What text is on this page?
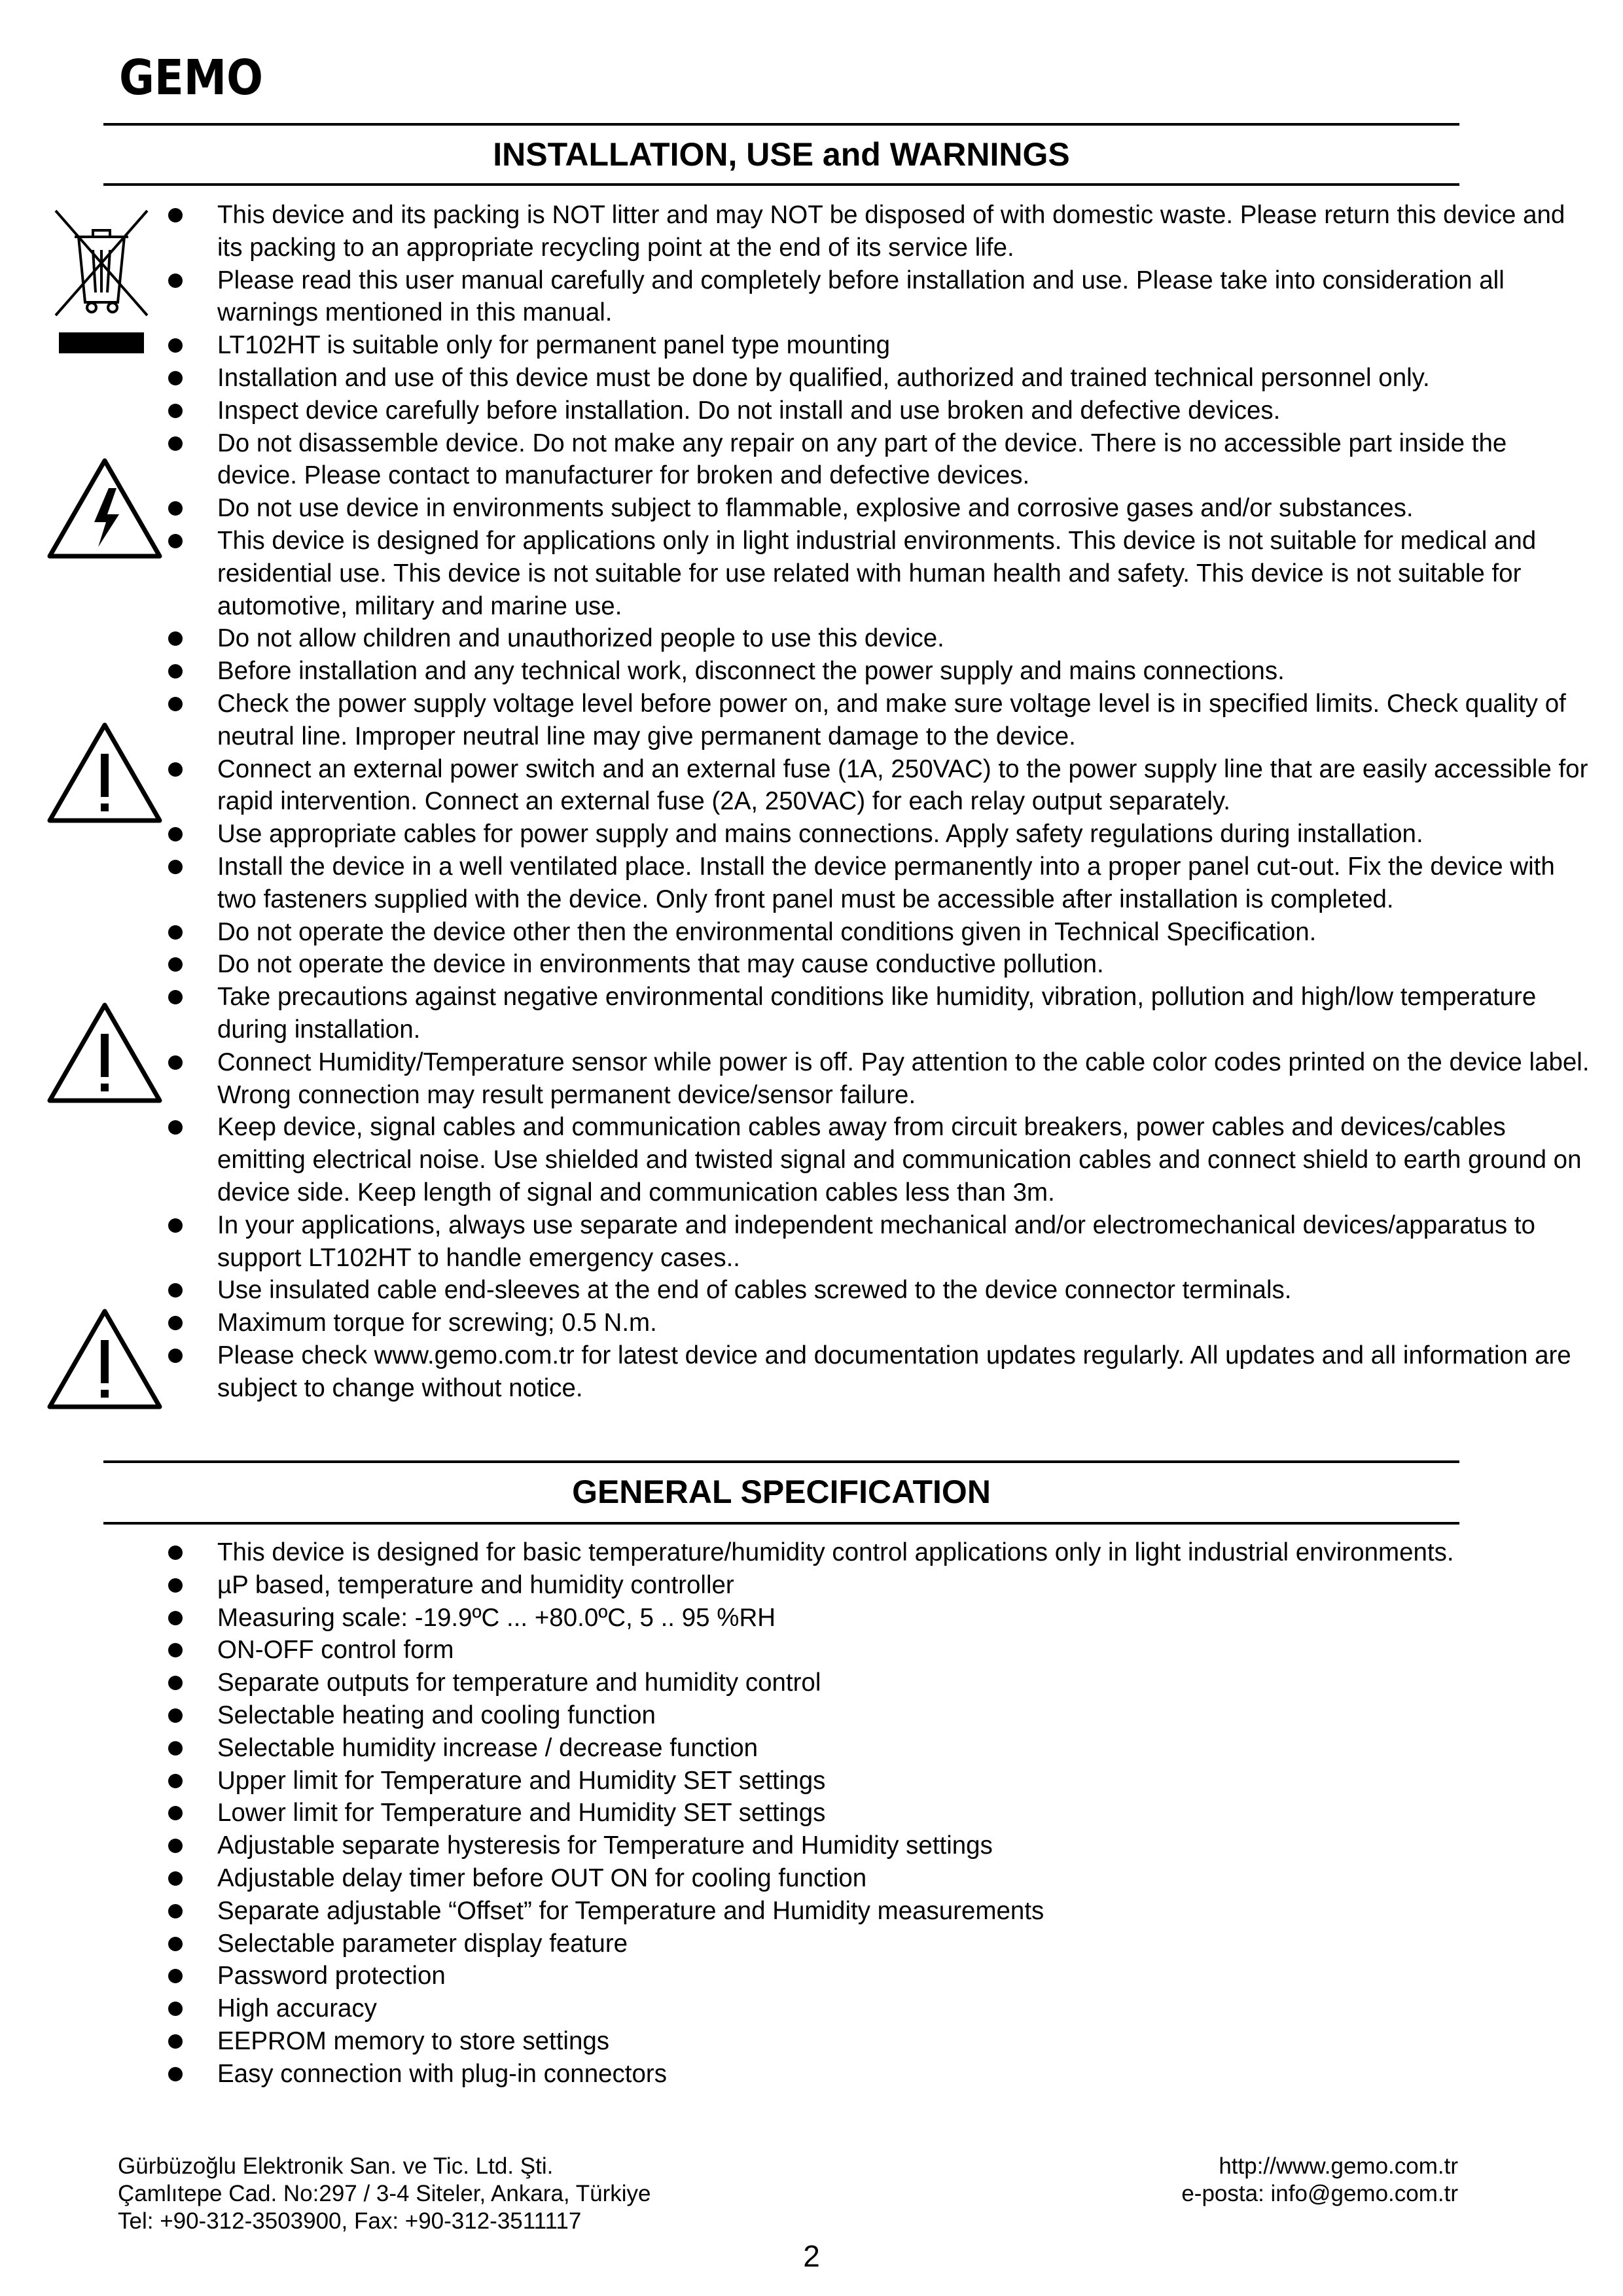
GEMO
INSTALLATION, USE and WARNINGS
This device and its packing is NOT litter and may NOT be disposed of with domestic waste. Please return this device and its packing to an appropriate recycling point at the end of its service life.
Please read this user manual carefully and completely before installation and use. Please take into consideration all warnings mentioned in this manual.
LT102HT is suitable only for permanent panel type mounting
Installation and use of this device must be done by qualified, authorized and trained technical personnel only.
Inspect device carefully before installation. Do not install and use broken and defective devices.
Do not disassemble device. Do not make any repair on any part of the device. There is no accessible part inside the device. Please contact to manufacturer for broken and defective devices.
Do not use device in environments subject to flammable, explosive and corrosive gases and/or substances.
This device is designed for applications only in light industrial environments. This device is not suitable for medical and residential use. This device is not suitable for use related with human health and safety. This device is not suitable for automotive, military and marine use.
Do not allow children and unauthorized people to use this device.
Before installation and any technical work, disconnect the power supply and mains connections.
Check the power supply voltage level before power on, and make sure voltage level is in specified limits. Check quality of neutral line. Improper neutral line may give permanent damage to the device.
Connect an external power switch and an external fuse (1A, 250VAC) to the power supply line that are easily accessible for rapid intervention. Connect an external fuse (2A, 250VAC) for each relay output separately.
Use appropriate cables for power supply and mains connections. Apply safety regulations during installation.
Install the device in a well ventilated place. Install the device permanently into a proper panel cut-out. Fix the device with two fasteners supplied with the device. Only front panel must be accessible after installation is completed.
Do not operate the device other then the environmental conditions given in Technical Specification.
Do not operate the device in environments that may cause conductive pollution.
Take precautions against negative environmental conditions like humidity, vibration, pollution and high/low temperature during installation.
Connect Humidity/Temperature sensor while power is off. Pay attention to the cable color codes printed on the device label. Wrong connection may result permanent device/sensor failure.
Keep device, signal cables and communication cables away from circuit breakers, power cables and devices/cables emitting electrical noise. Use shielded and twisted signal and communication cables and connect shield to earth ground on device side. Keep length of signal and communication cables less than 3m.
In your applications, always use separate and independent mechanical and/or electromechanical devices/apparatus to support LT102HT to handle emergency cases..
Use insulated cable end-sleeves at the end of cables screwed to the device connector terminals.
Maximum torque for screwing; 0.5 N.m.
Please check www.gemo.com.tr for latest device and documentation updates regularly. All updates and all information are subject to change without notice.
GENERAL SPECIFICATION
This device is designed for basic temperature/humidity control applications only in light industrial environments.
µP based, temperature and humidity controller
Measuring scale: -19.9ºC ... +80.0ºC, 5 .. 95 %RH
ON-OFF control form
Separate outputs for temperature and humidity control
Selectable heating and cooling function
Selectable humidity increase / decrease function
Upper limit for Temperature and Humidity SET settings
Lower limit for Temperature and Humidity SET settings
Adjustable separate hysteresis for Temperature and Humidity settings
Adjustable delay timer before OUT ON for cooling function
Separate adjustable “Offset” for Temperature and Humidity measurements
Selectable parameter display feature
Password protection
High accuracy
EEPROM memory to store settings
Easy connection with plug-in connectors
Gürbüzoğlu Elektronik San. ve Tic. Ltd. Şti.
Çamlıtepe Cad. No:297 / 3-4 Siteler, Ankara, Türkiye
Tel: +90-312-3503900, Fax: +90-312-3511117
http://www.gemo.com.tr
e-posta: info@gemo.com.tr
2
